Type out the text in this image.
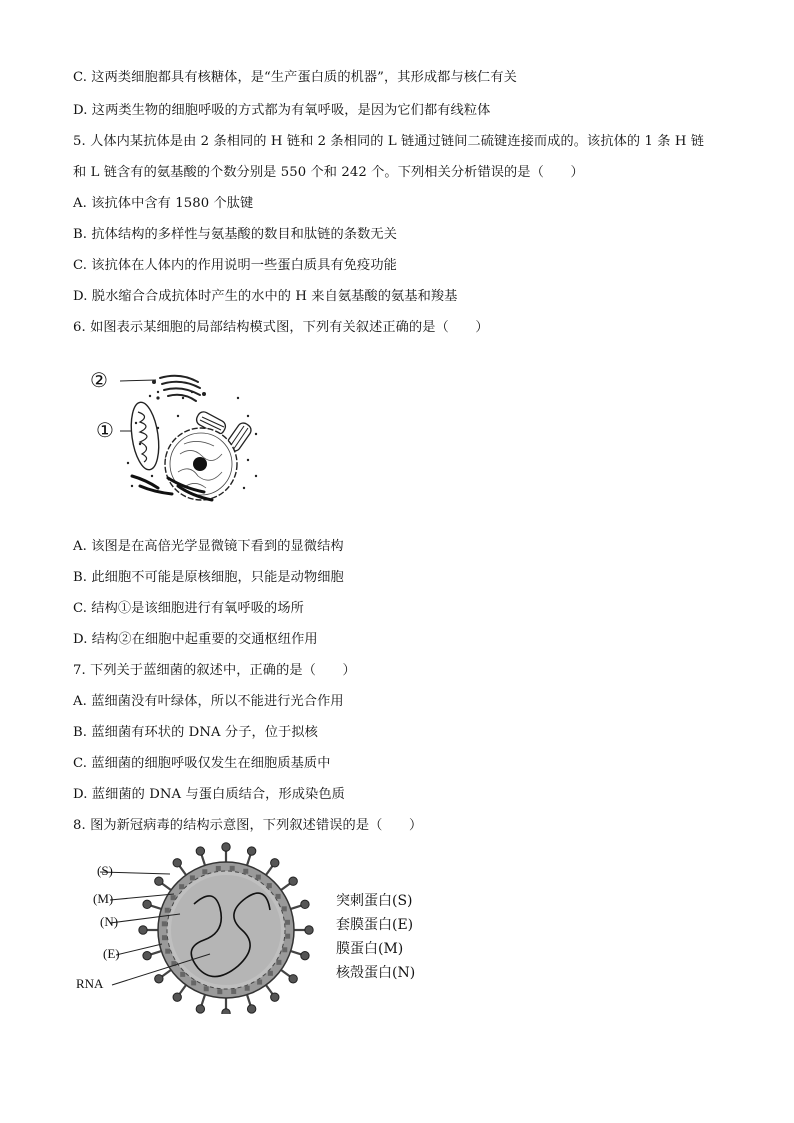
C. 这两类细胞都具有核糖体，是“生产蛋白质的机器”，其形成都与核仁有关
D. 这两类生物的细胞呼吸的方式都为有氧呼吸，是因为它们都有线粒体
5. 人体内某抗体是由 2 条相同的 H 链和 2 条相同的 L 链通过链间二硫键连接而成的。该抗体的 1 条 H 链
和 L 链含有的氨基酸的个数分别是 550 个和 242 个。下列相关分析错误的是（　　）
A. 该抗体中含有 1580 个肽键
B. 抗体结构的多样性与氨基酸的数目和肽链的条数无关
C. 该抗体在人体内的作用说明一些蛋白质具有免疫功能
D. 脱水缩合合成抗体时产生的水中的 H 来自氨基酸的氨基和羧基
6. 如图表示某细胞的局部结构模式图，下列有关叙述正确的是（　　）
②
①
A. 该图是在高倍光学显微镜下看到的显微结构
B. 此细胞不可能是原核细胞，只能是动物细胞
C. 结构①是该细胞进行有氧呼吸的场所
D. 结构②在细胞中起重要的交通枢纽作用
7. 下列关于蓝细菌的叙述中，正确的是（　　）
A. 蓝细菌没有叶绿体，所以不能进行光合作用
B. 蓝细菌有环状的 DNA 分子，位于拟核
C. 蓝细菌的细胞呼吸仅发生在细胞质基质中
D. 蓝细菌的 DNA 与蛋白质结合，形成染色质
8. 图为新冠病毒的结构示意图，下列叙述错误的是（　　）
(S)
(M)
(N)
(E)
RNA
突刺蛋白(S)
套膜蛋白(E)
膜蛋白(M)
核殼蛋白(N)
